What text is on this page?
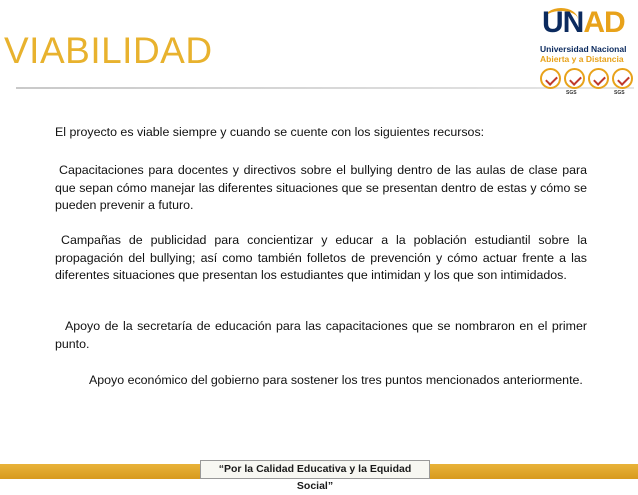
VIABILIDAD
UNAD
Universidad Nacional
Abierta y a Distancia
SGS	SGS
El proyecto es viable siempre y cuando se cuente con los siguientes recursos:
Capacitaciones para docentes y directivos sobre el bullying dentro de las aulas de clase para que sepan cómo manejar las diferentes situaciones que se presentan dentro de estas y cómo se pueden prevenir a futuro.
Campañas de publicidad para concientizar y educar a la población estudiantil sobre la propagación del bullying; así como también folletos de prevención y cómo actuar frente a las diferentes situaciones que presentan los estudiantes que intimidan y los que son intimidados.
Apoyo de la secretaría de educación para las capacitaciones que se nombraron en el primer punto.
Apoyo económico del gobierno para sostener los tres puntos mencionados anteriormente.
“Por la Calidad Educativa y la Equidad Social”
